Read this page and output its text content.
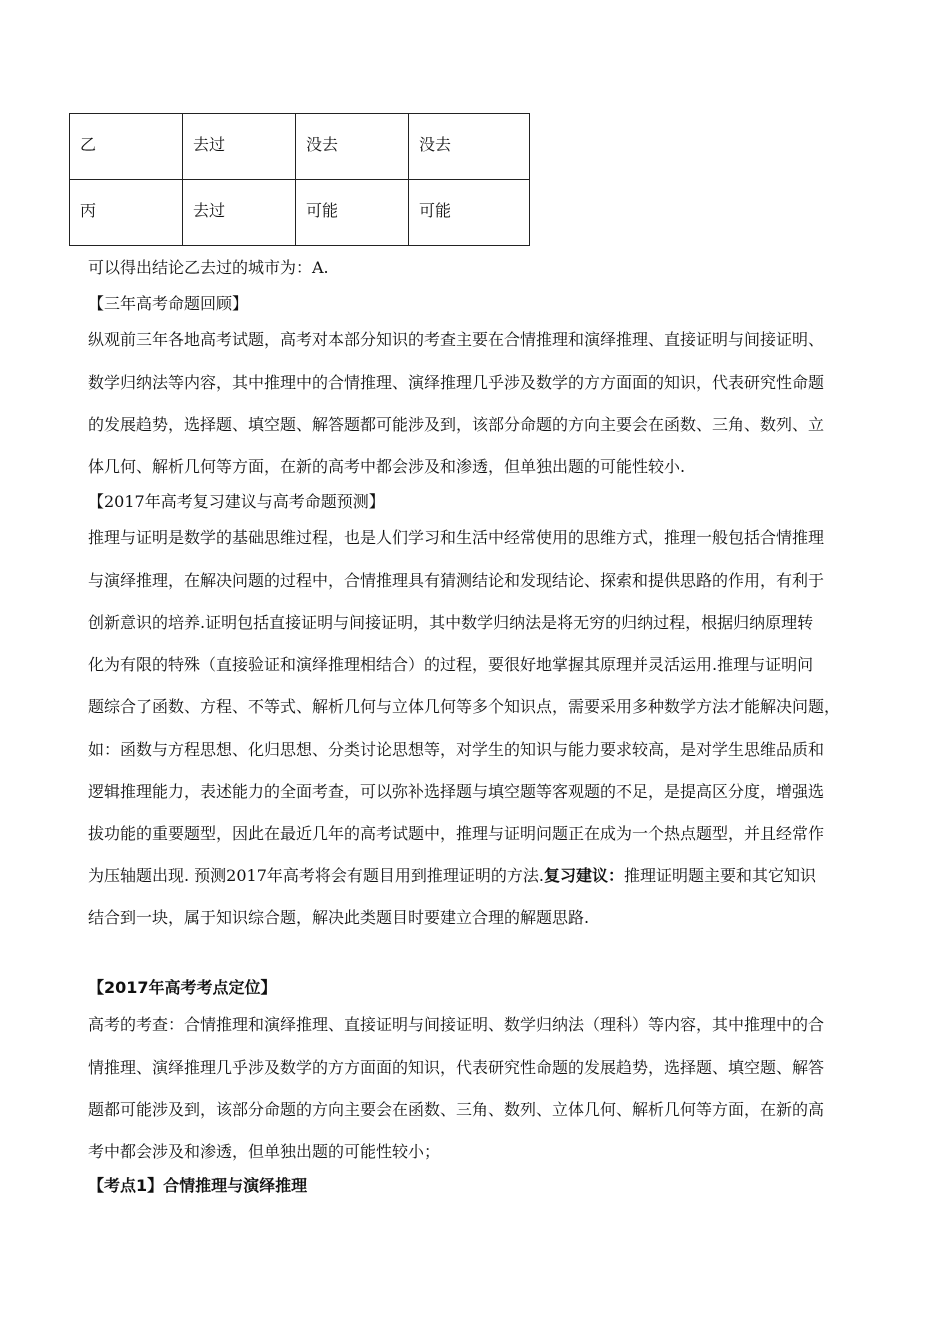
乙	去过	没去	没去
丙	去过	可能	可能
可以得出结论乙去过的城市为：A.
【三年高考命题回顾】
纵观前三年各地高考试题，高考对本部分知识的考查主要在合情推理和演绎推理、直接证明与间接证明、
数学归纳法等内容，其中推理中的合情推理、演绎推理几乎涉及数学的方方面面的知识，代表研究性命题
的发展趋势，选择题、填空题、解答题都可能涉及到，该部分命题的方向主要会在函数、三角、数列、立
体几何、解析几何等方面，在新的高考中都会涉及和渗透，但单独出题的可能性较小.
【2017年高考复习建议与高考命题预测】
推理与证明是数学的基础思维过程，也是人们学习和生活中经常使用的思维方式，推理一般包括合情推理
与演绎推理，在解决问题的过程中，合情推理具有猜测结论和发现结论、探索和提供思路的作用，有利于
创新意识的培养.证明包括直接证明与间接证明，其中数学归纳法是将无穷的归纳过程，根据归纳原理转
化为有限的特殊（直接验证和演绎推理相结合）的过程，要很好地掌握其原理并灵活运用.推理与证明问
题综合了函数、方程、不等式、解析几何与立体几何等多个知识点，需要采用多种数学方法才能解决问题，
如：函数与方程思想、化归思想、分类讨论思想等，对学生的知识与能力要求较高，是对学生思维品质和
逻辑推理能力，表述能力的全面考查，可以弥补选择题与填空题等客观题的不足，是提高区分度，增强选
拔功能的重要题型，因此在最近几年的高考试题中，推理与证明问题正在成为一个热点题型，并且经常作
为压轴题出现. 预测2017年高考将会有题目用到推理证明的方法.复习建议：推理证明题主要和其它知识
结合到一块，属于知识综合题，解决此类题目时要建立合理的解题思路.
【2017年高考考点定位】
高考的考查：合情推理和演绎推理、直接证明与间接证明、数学归纳法（理科）等内容，其中推理中的合
情推理、演绎推理几乎涉及数学的方方面面的知识，代表研究性命题的发展趋势，选择题、填空题、解答
题都可能涉及到，该部分命题的方向主要会在函数、三角、数列、立体几何、解析几何等方面，在新的高
考中都会涉及和渗透，但单独出题的可能性较小；
【考点1】合情推理与演绎推理
